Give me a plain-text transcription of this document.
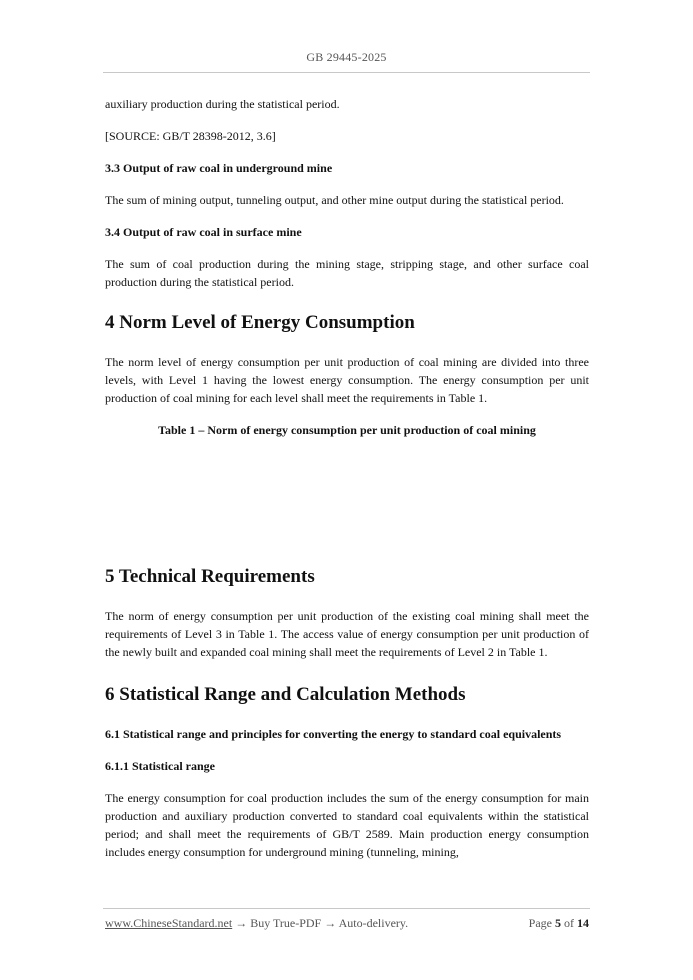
GB 29445-2025

auxiliary production during the statistical period.

[SOURCE: GB/T 28398-2012, 3.6]

3.3 Output of raw coal in underground mine

The sum of mining output, tunneling output, and other mine output during the statistical period.

3.4 Output of raw coal in surface mine

The sum of coal production during the mining stage, stripping stage, and other surface coal production during the statistical period.

4 Norm Level of Energy Consumption

The norm level of energy consumption per unit production of coal mining are divided into three levels, with Level 1 having the lowest energy consumption. The energy consumption per unit production of coal mining for each level shall meet the requirements in Table 1.

Table 1 – Norm of energy consumption per unit production of coal mining

5 Technical Requirements

The norm of energy consumption per unit production of the existing coal mining shall meet the requirements of Level 3 in Table 1. The access value of energy consumption per unit production of the newly built and expanded coal mining shall meet the requirements of Level 2 in Table 1.

6 Statistical Range and Calculation Methods

6.1 Statistical range and principles for converting the energy to standard coal equivalents

6.1.1 Statistical range

The energy consumption for coal production includes the sum of the energy consumption for main production and auxiliary production converted to standard coal equivalents within the statistical period; and shall meet the requirements of GB/T 2589. Main production energy consumption includes energy consumption for underground mining (tunneling, mining,

www.ChineseStandard.net → Buy True-PDF → Auto-delivery.	Page 5 of 14
